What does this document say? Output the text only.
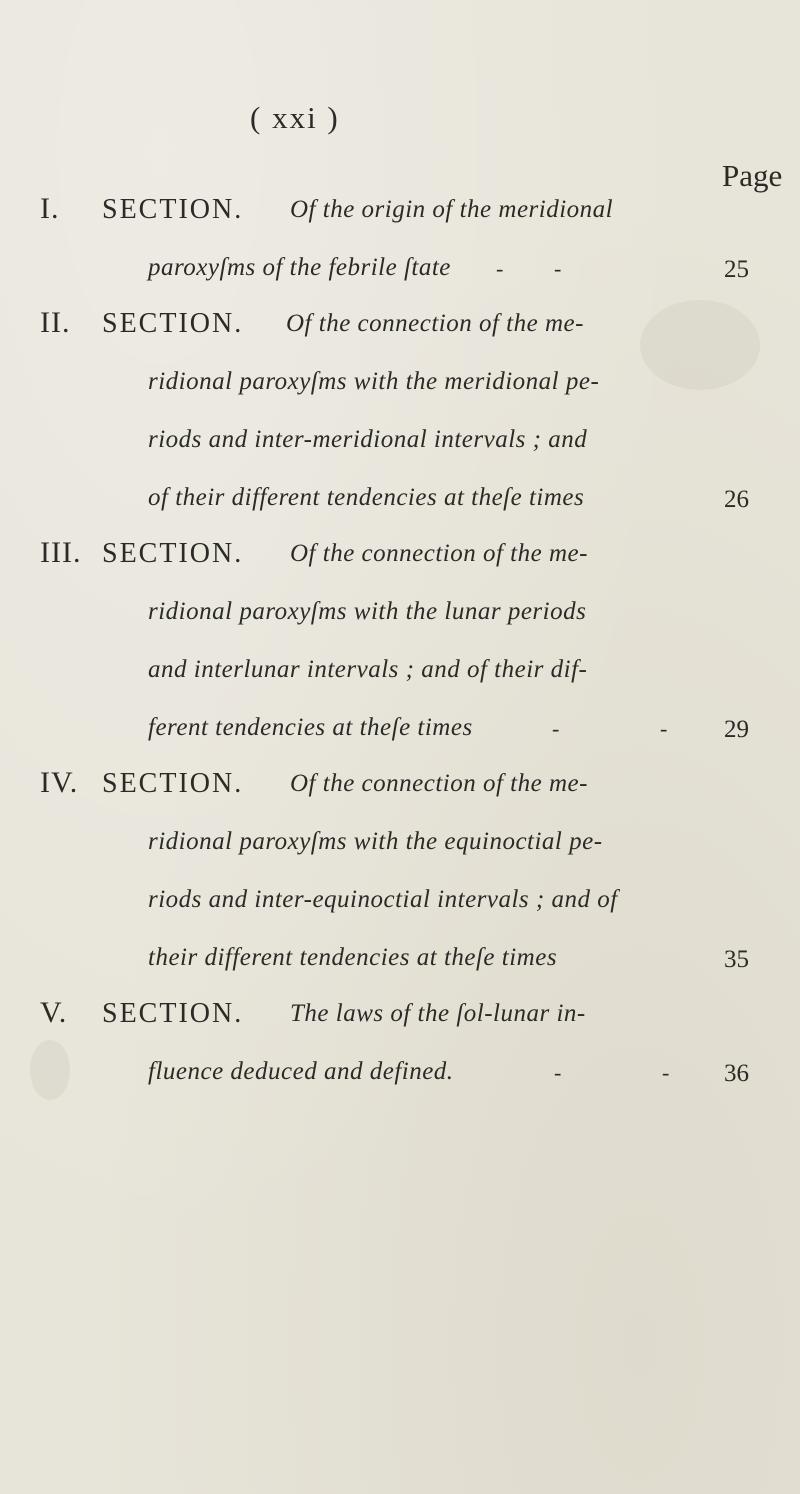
( xxi )
Page
I. SECTION. Of the origin of the meridional
paroxyſms of the febrile ſtate - -	25
II. SECTION. Of the connection of the me-
ridional paroxyſms with the meridional pe-
riods and inter-meridional intervals ; and
of their different tendencies at theſe times	26
III. SECTION. Of the connection of the me-
ridional paroxyſms with the lunar periods
and interlunar intervals ; and of their dif-
ferent tendencies at theſe times	-	- 29
IV. SECTION. Of the connection of the me-
ridional paroxyſms with the equinoctial pe-
riods and inter-equinoctial intervals ; and of
their different tendencies at theſe times	35
V. SECTION. The laws of the ſol-lunar in-
fluence deduced and defined.	-	- 36
